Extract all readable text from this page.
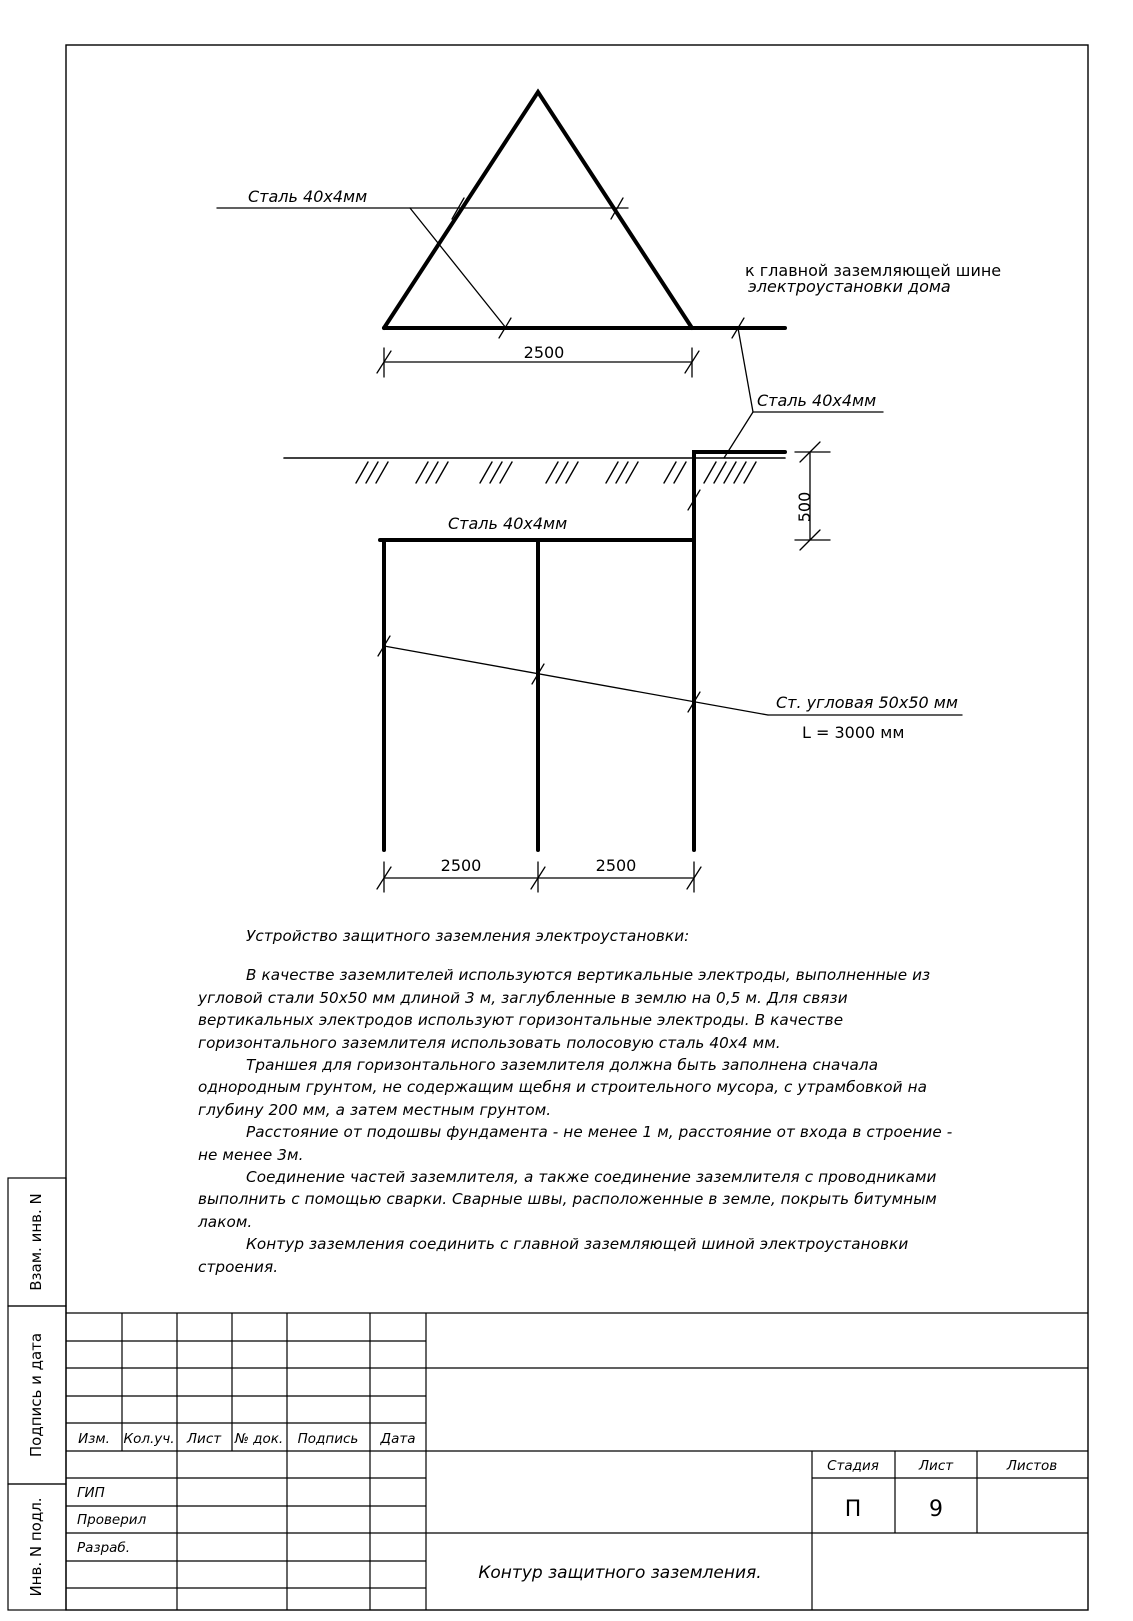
Взам. инв. N
Подпись и дата
Инв. N подл.
Сталь 40х4мм
к главной заземляющей шине
электроустановки дома
2500
Сталь 40х4мм
500
Сталь 40х4мм
Ст. угловая 50х50 мм
L = 3000 мм
2500	2500
Изм. Кол.уч. Лист № док. Подпись Дата
ГИП
Проверил
Разраб.
Стадия	Лист	Листов
П	9
Контур защитного заземления.
Устройство защитного заземления электроустановки:

В качестве заземлителей используются вертикальные электроды, выполненные из угловой стали 50х50 мм длиной 3 м, заглубленные в землю на 0,5 м. Для связи вертикальных электродов используют горизонтальные электроды. В качестве горизонтального заземлителя использовать полосовую сталь 40х4 мм.

Траншея для горизонтального заземлителя должна быть заполнена сначала однородным грунтом, не содержащим щебня и строительного мусора, с утрамбовкой на глубину 200 мм, а затем местным грунтом.

Расстояние от подошвы фундамента - не менее 1 м, расстояние от входа в строение - не менее 3м.

Соединение частей заземлителя, а также соединение заземлителя с проводниками выполнить с помощью сварки. Сварные швы, расположенные в земле, покрыть битумным лаком.

Контур заземления соединить с главной заземляющей шиной электроустановки строения.
